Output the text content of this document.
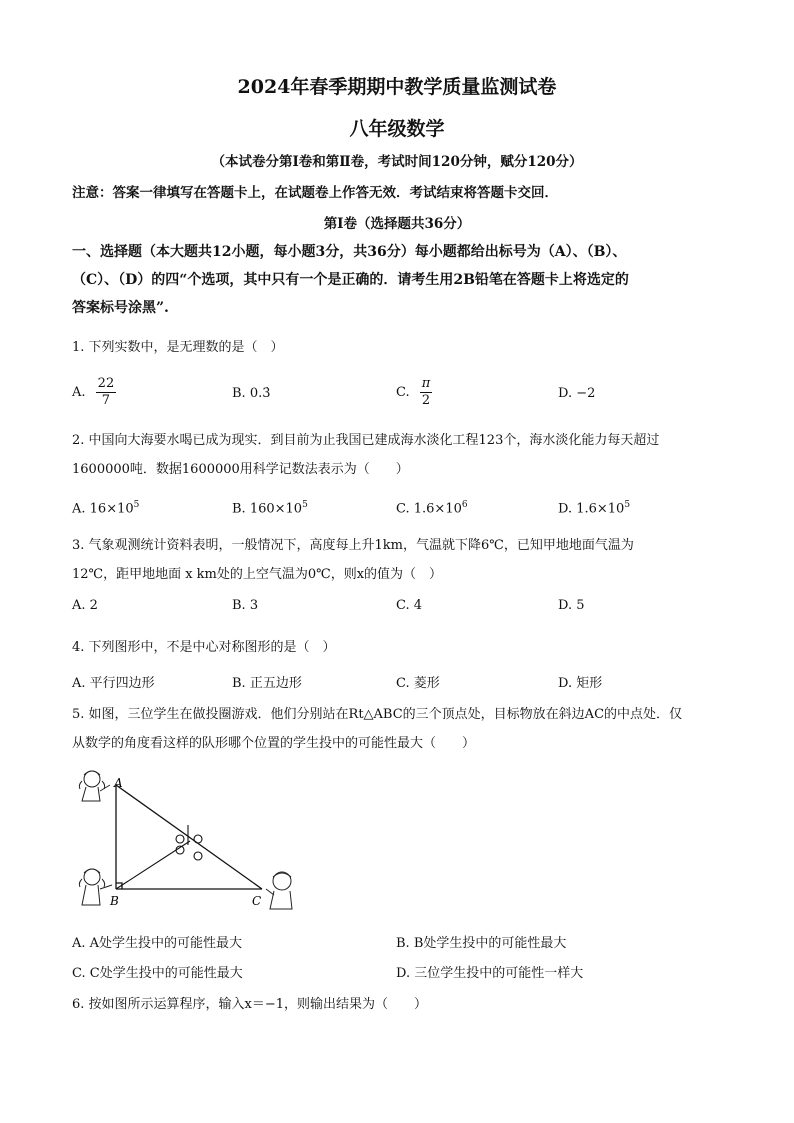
2024年春季期期中教学质量监测试卷
八年级数学
（本试卷分第Ⅰ卷和第Ⅱ卷，考试时间120分钟，赋分120分）
注意：答案一律填写在答题卡上，在试题卷上作答无效．考试结束将答题卡交回．
第Ⅰ卷（选择题共36分）
一、选择题（本大题共12小题，每小题3分，共36分）每小题都给出标号为（A）、（B）、
（C）、（D）的四“个选项，其中只有一个是正确的．请考生用2B铅笔在答题卡上将选定的
答案标号涂黑”.
1. 下列实数中，是无理数的是（　）
A. $\frac{22}{7}$	B. 0.3̇	C. $\frac{\pi}{2}$	D. −2
2. 中国向大海要水喝已成为现实．到目前为止我国已建成海水淡化工程123个，海水淡化能力每天超过
1600000吨．数据1600000用科学记数法表示为（　　）
A. $16\times 10^5$	B. $160\times 10^5$	C. $1.6\times 10^6$	D. $1.6\times 10^5$
3. 气象观测统计资料表明，一般情况下，高度每上升1km，气温就下降6℃，已知甲地地面气温为
12℃，距甲地地面 x km处的上空气温为0℃，则x的值为（　）
A. 2	B. 3	C. 4	D. 5
4. 下列图形中，不是中心对称图形的是（　）
A. 平行四边形	B. 正五边形	C. 菱形	D. 矩形
5. 如图，三位学生在做投圈游戏．他们分别站在Rt△ABC的三个顶点处，目标物放在斜边AC的中点处．仅
从数学的角度看这样的队形哪个位置的学生投中的可能性最大（　　）
A
B	C
A. A处学生投中的可能性最大	B. B处学生投中的可能性最大
C. C处学生投中的可能性最大	D. 三位学生投中的可能性一样大
6. 按如图所示运算程序，输入x＝−1，则输出结果为（　　）
